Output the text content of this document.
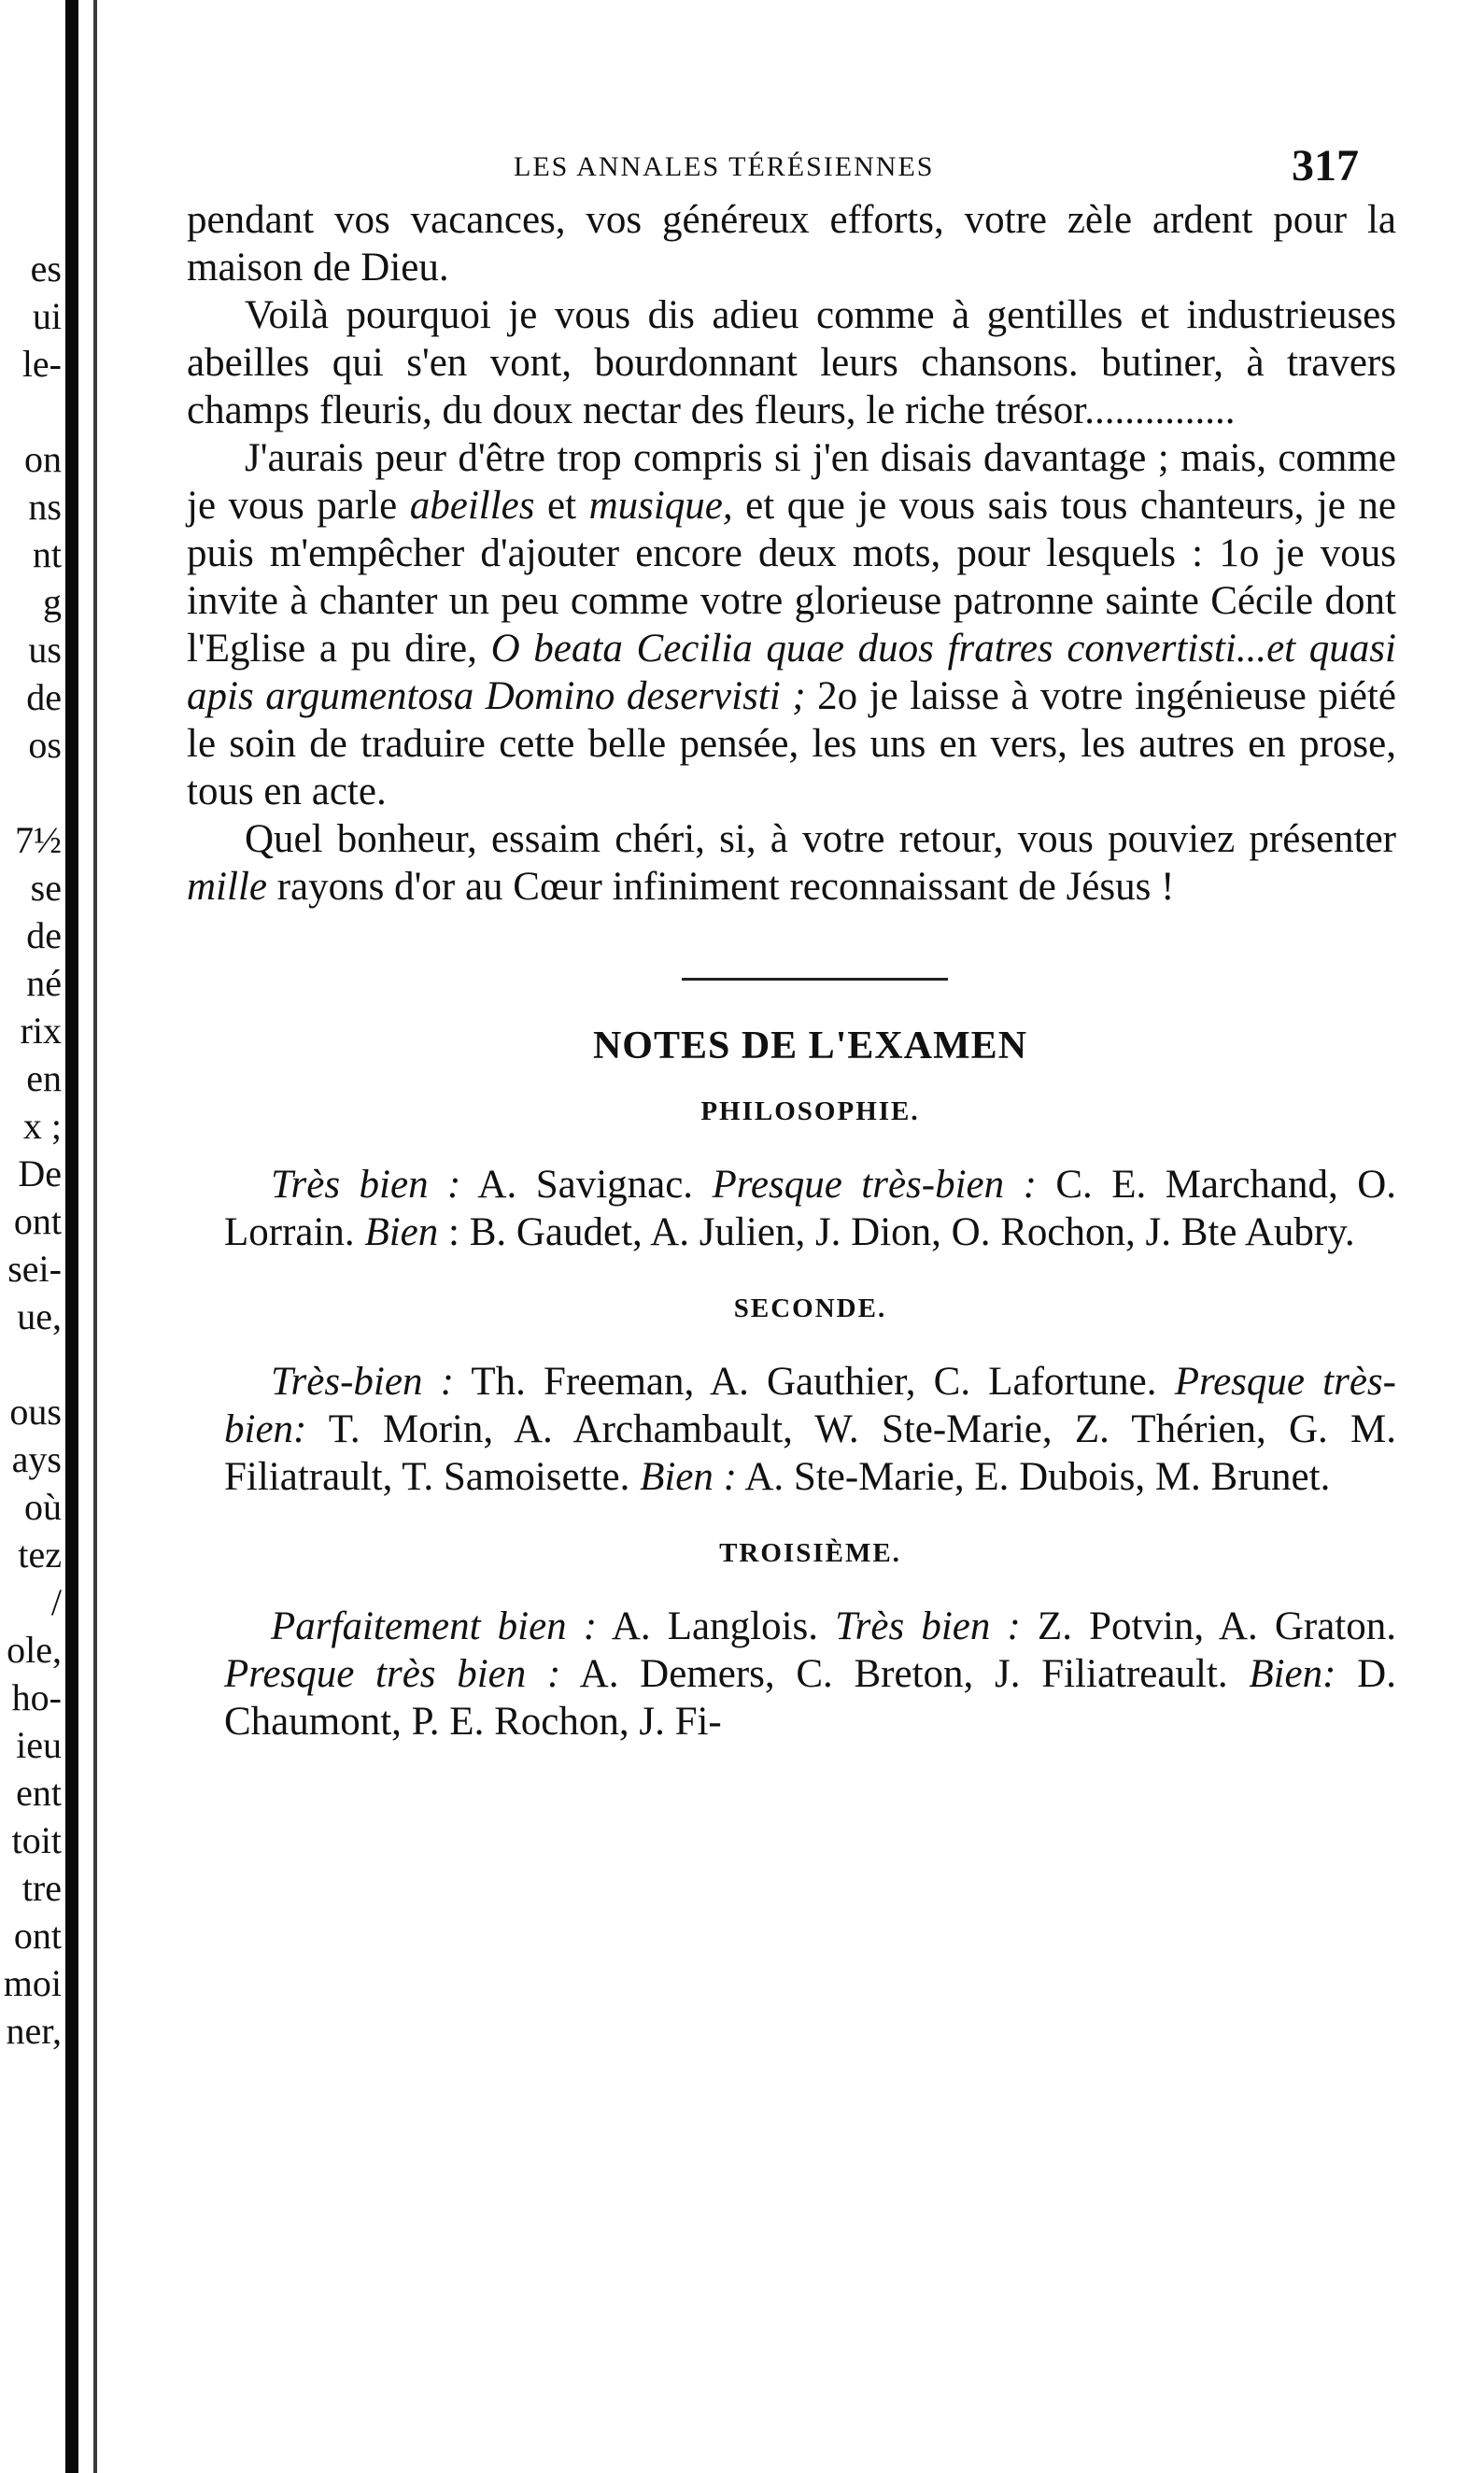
es
ui
le-
on
ns
nt
g
us
de
os
7½
se
de
né
rix
en
x ;
De
ont
sei-
ue,
ous
ays
où
tez
/
ole,
ho-
ieu
ent
toit
tre
ont
moi
ner,
LES ANNALES TÉRÉSIENNES	317

pendant vos vacances, vos généreux efforts, votre zèle ardent pour la maison de Dieu.

Voilà pourquoi je vous dis adieu comme à gentilles et industrieuses abeilles qui s'en vont, bourdonnant leurs chansons. butiner, à travers champs fleuris, du doux nectar des fleurs, le riche trésor...............

J'aurais peur d'être trop compris si j'en disais davantage ; mais, comme je vous parle abeilles et musique, et que je vous sais tous chanteurs, je ne puis m'empêcher d'ajouter encore deux mots, pour lesquels : 1o je vous invite à chanter un peu comme votre glorieuse patronne sainte Cécile dont l'Eglise a pu dire, O beata Cecilia quae duos fratres convertisti...et quasi apis argumentosa Domino deservisti ; 2o je laisse à votre ingénieuse piété le soin de traduire cette belle pensée, les uns en vers, les autres en prose, tous en acte.

Quel bonheur, essaim chéri, si, à votre retour, vous pouviez présenter mille rayons d'or au Cœur infiniment reconnaissant de Jésus !

NOTES DE L'EXAMEN
PHILOSOPHIE.

Très bien : A. Savignac. Presque très-bien : C. E. Marchand, O. Lorrain. Bien : B. Gaudet, A. Julien, J. Dion, O. Rochon, J. Bte Aubry.

SECONDE.

Très-bien : Th. Freeman, A. Gauthier, C. Lafortune. Presque très-bien: T. Morin, A. Archambault, W. Ste-Marie, Z. Thérien, G. M. Filiatrault, T. Samoisette. Bien : A. Ste-Marie, E. Dubois, M. Brunet.

TROISIÈME.

Parfaitement bien : A. Langlois. Très bien : Z. Potvin, A. Graton. Presque très bien : A. Demers, C. Breton, J. Filiatreault. Bien: D. Chaumont, P. E. Rochon, J. Fi-
